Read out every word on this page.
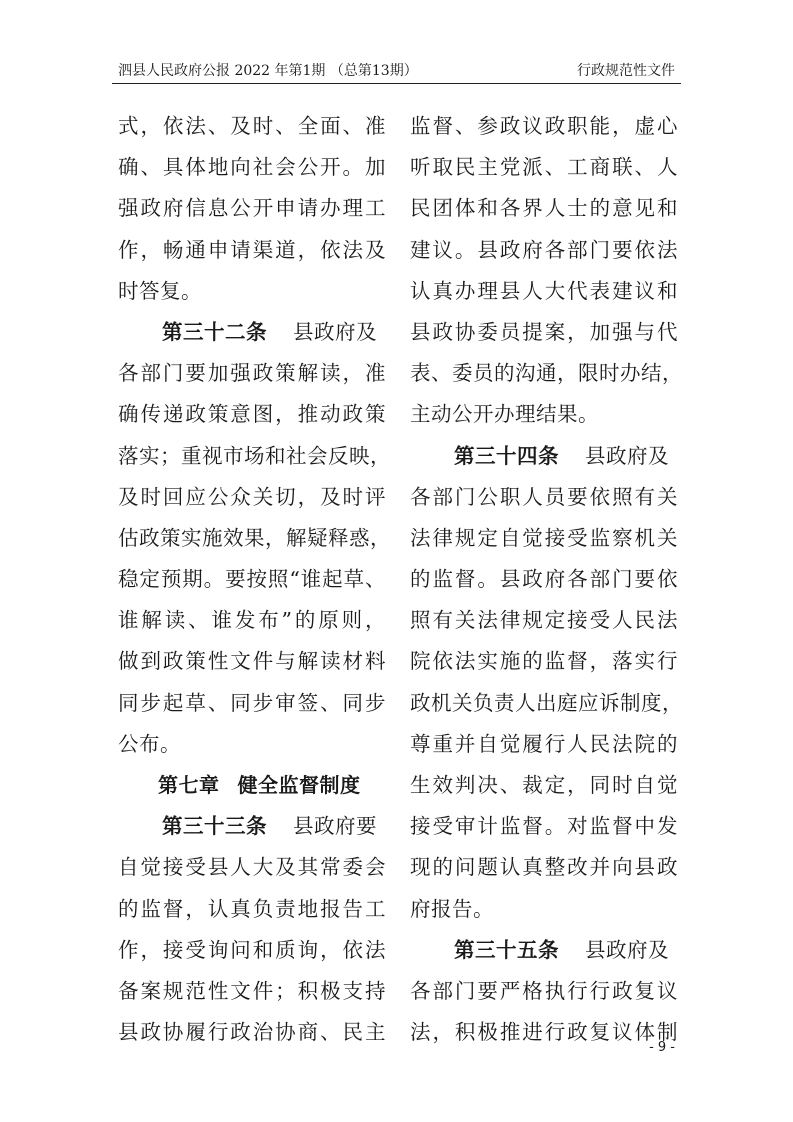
泗县人民政府公报 2022 年第1期 （总第13期）	行政规范性文件
式，依法、及时、全面、准
确、具体地向社会公开。加
强政府信息公开申请办理工
作，畅通申请渠道，依法及
时答复。
第三十二条 县政府及
各部门要加强政策解读，准
确传递政策意图，推动政策
落实；重视市场和社会反映，
及时回应公众关切，及时评
估政策实施效果，解疑释惑，
稳定预期。要按照“谁起草、
谁解读、谁发布”的原则，
做到政策性文件与解读材料
同步起草、同步审签、同步
公布。
第七章 健全监督制度
第三十三条 县政府要
自觉接受县人大及其常委会
的监督，认真负责地报告工
作，接受询问和质询，依法
备案规范性文件；积极支持
县政协履行政治协商、民主
监督、参政议政职能，虚心
听取民主党派、工商联、人
民团体和各界人士的意见和
建议。县政府各部门要依法
认真办理县人大代表建议和
县政协委员提案，加强与代
表、委员的沟通，限时办结，
主动公开办理结果。
第三十四条 县政府及
各部门公职人员要依照有关
法律规定自觉接受监察机关
的监督。县政府各部门要依
照有关法律规定接受人民法
院依法实施的监督，落实行
政机关负责人出庭应诉制度，
尊重并自觉履行人民法院的
生效判决、裁定，同时自觉
接受审计监督。对监督中发
现的问题认真整改并向县政
府报告。
第三十五条 县政府及
各部门要严格执行行政复议
法，积极推进行政复议体制
- 9 -
